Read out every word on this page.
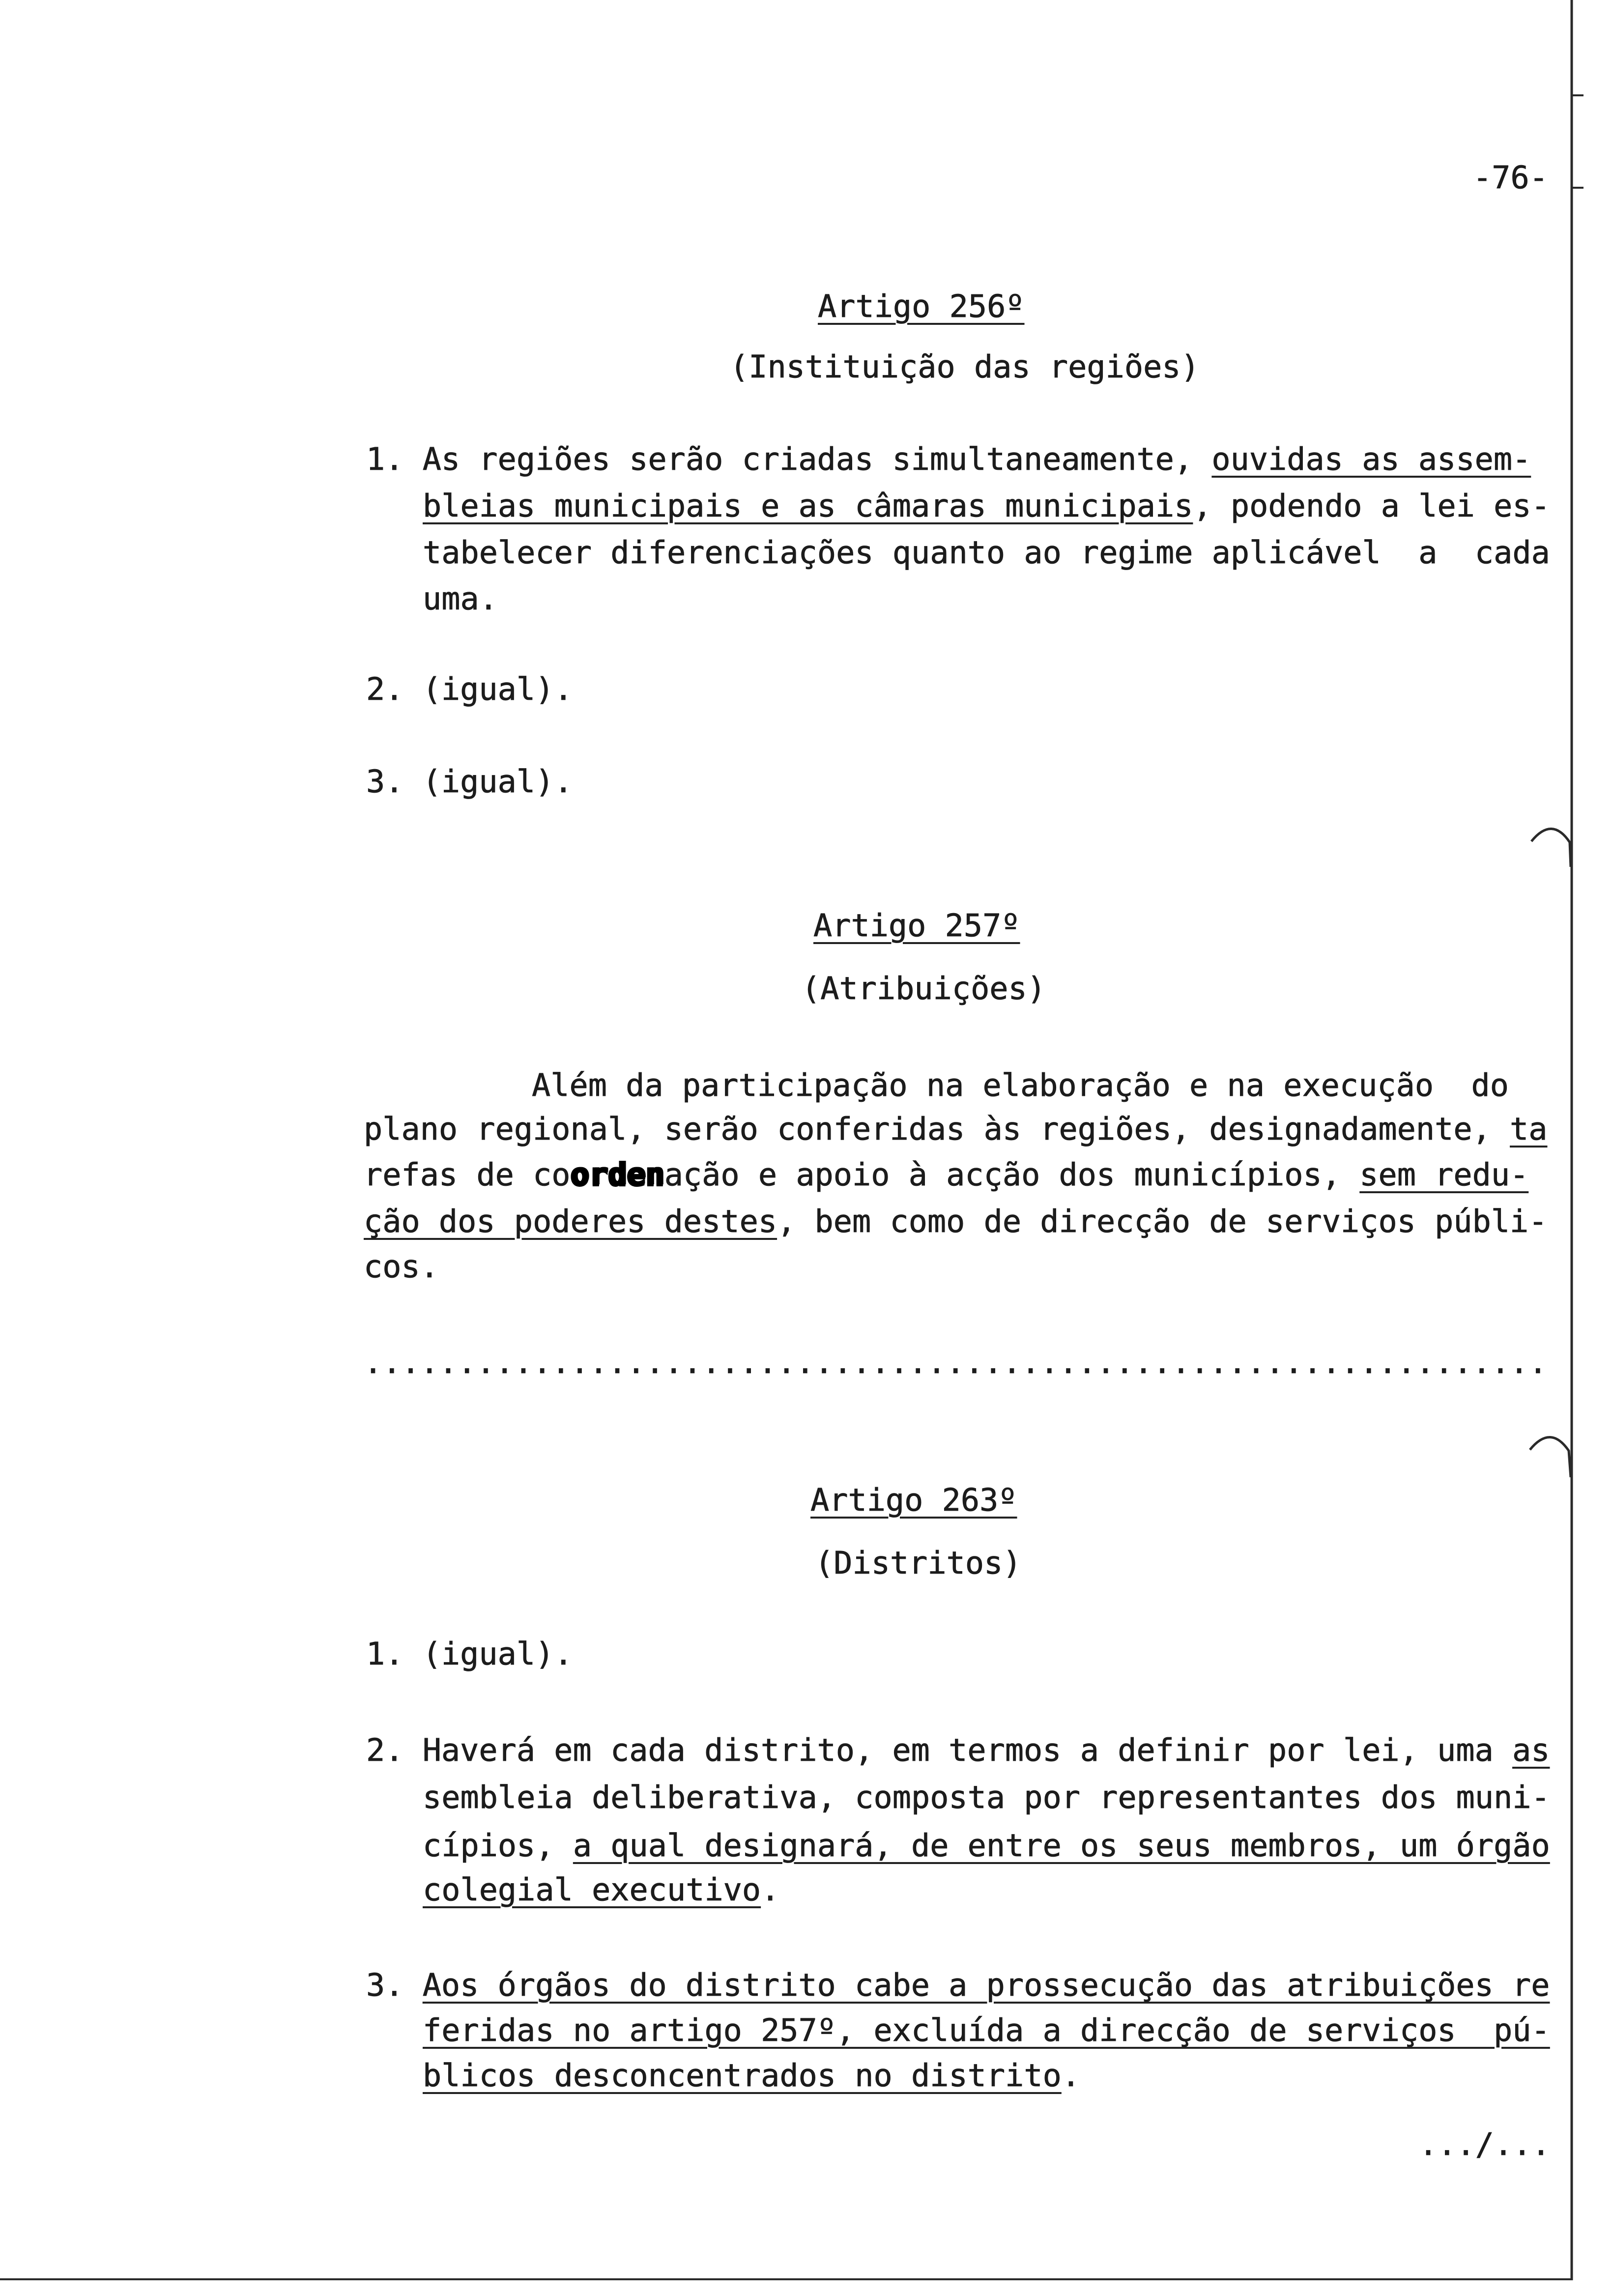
-76-
Artigo 256º
(Instituição das regiões)
1. As regiões serão criadas simultaneamente, ouvidas as assem-
bleias municipais e as câmaras municipais, podendo a lei es-
tabelecer diferenciações quanto ao regime aplicável  a  cada
uma.
2. (igual).
3. (igual).
Artigo 257º
(Atribuições)
Além da participação na elaboração e na execução  do
plano regional, serão conferidas às regiões, designadamente, ta
refas de coordenação e apoio à acção dos municípios, sem redu-
ção dos poderes destes, bem como de direcção de serviços públi-
cos.
...............................................................
Artigo 263º
(Distritos)
1. (igual).
2. Haverá em cada distrito, em termos a definir por lei, uma as
sembleia deliberativa, composta por representantes dos muni-
cípios, a qual designará, de entre os seus membros, um órgão
colegial executivo.
3. Aos órgãos do distrito cabe a prossecução das atribuições re
feridas no artigo 257º, excluída a direcção de serviços  pú-
blicos desconcentrados no distrito.
.../...
